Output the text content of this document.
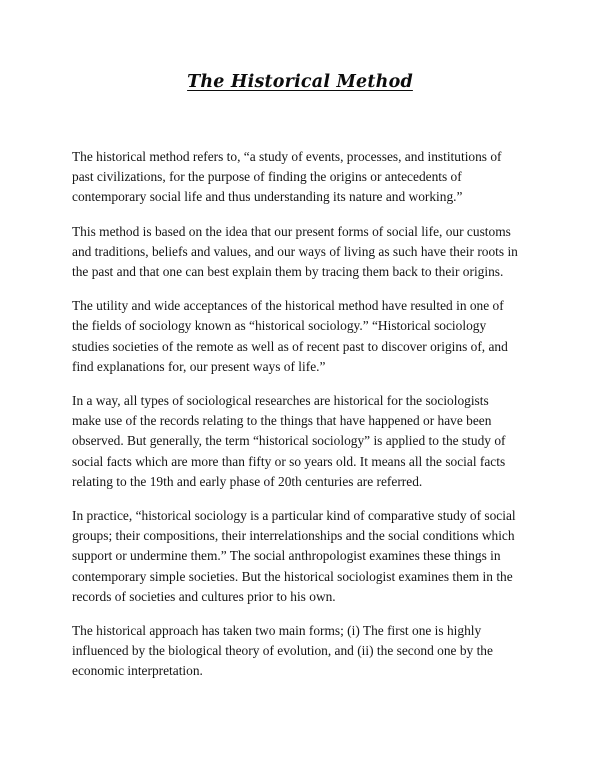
The Historical Method

The historical method refers to, “a study of events, processes, and institutions of
past civilizations, for the purpose of finding the origins or antecedents of
contemporary social life and thus understanding its nature and working.”

This method is based on the idea that our present forms of social life, our customs
and traditions, beliefs and values, and our ways of living as such have their roots in
the past and that one can best explain them by tracing them back to their origins.

The utility and wide acceptances of the historical method have resulted in one of
the fields of sociology known as “historical sociology.” “Historical sociology
studies societies of the remote as well as of recent past to discover origins of, and
find explanations for, our present ways of life.”

In a way, all types of sociological researches are historical for the sociologists
make use of the records relating to the things that have happened or have been
observed. But generally, the term “historical sociology” is applied to the study of
social facts which are more than fifty or so years old. It means all the social facts
relating to the 19th and early phase of 20th centuries are referred.

In practice, “historical sociology is a particular kind of comparative study of social
groups; their compositions, their interrelationships and the social conditions which
support or undermine them.” The social anthropologist examines these things in
contemporary simple societies. But the historical sociologist examines them in the
records of societies and cultures prior to his own.

The historical approach has taken two main forms; (i) The first one is highly
influenced by the biological theory of evolution, and (ii) the second one by the
economic interpretation.
